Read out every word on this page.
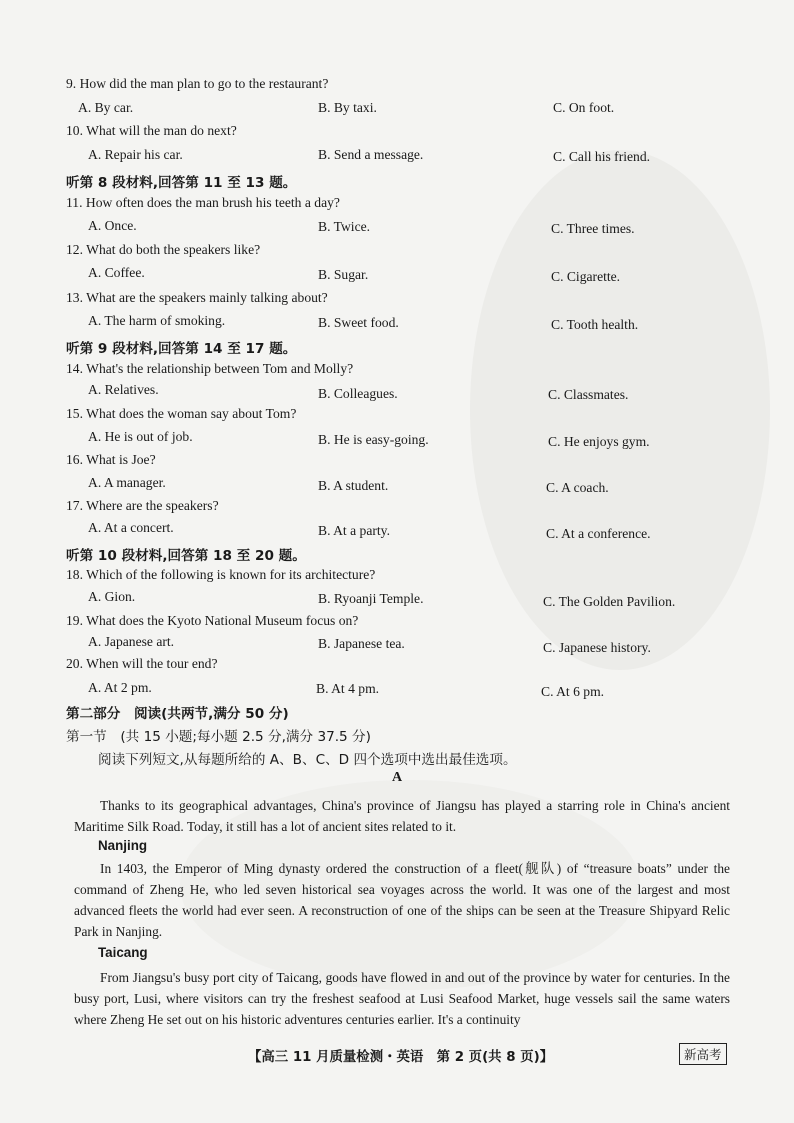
9. How did the man plan to go to the restaurant?
A. By car.	B. By taxi.	C. On foot.
10. What will the man do next?
A. Repair his car.	B. Send a message.	C. Call his friend.
听第 8 段材料,回答第 11 至 13 题。
11. How often does the man brush his teeth a day?
A. Once.	B. Twice.	C. Three times.
12. What do both the speakers like?
A. Coffee.	B. Sugar.	C. Cigarette.
13. What are the speakers mainly talking about?
A. The harm of smoking.	B. Sweet food.	C. Tooth health.
听第 9 段材料,回答第 14 至 17 题。
14. What's the relationship between Tom and Molly?
A. Relatives.	B. Colleagues.	C. Classmates.
15. What does the woman say about Tom?
A. He is out of job.	B. He is easy-going.	C. He enjoys gym.
16. What is Joe?
A. A manager.	B. A student.	C. A coach.
17. Where are the speakers?
A. At a concert.	B. At a party.	C. At a conference.
听第 10 段材料,回答第 18 至 20 题。
18. Which of the following is known for its architecture?
A. Gion.	B. Ryoanji Temple.	C. The Golden Pavilion.
19. What does the Kyoto National Museum focus on?
A. Japanese art.	B. Japanese tea.	C. Japanese history.
20. When will the tour end?
A. At 2 pm.	B. At 4 pm.	C. At 6 pm.
第二部分　阅读(共两节,满分 50 分)
第一节　(共 15 小题;每小题 2.5 分,满分 37.5 分)
阅读下列短文,从每题所给的 A、B、C、D 四个选项中选出最佳选项。
A
Thanks to its geographical advantages, China's province of Jiangsu has played a starring role in China's ancient Maritime Silk Road. Today, it still has a lot of ancient sites related to it.
Nanjing
In 1403, the Emperor of Ming dynasty ordered the construction of a fleet(舰队) of “treasure boats” under the command of Zheng He, who led seven historical sea voyages across the world. It was one of the largest and most advanced fleets the world had ever seen. A reconstruction of one of the ships can be seen at the Treasure Shipyard Relic Park in Nanjing.
Taicang
From Jiangsu's busy port city of Taicang, goods have flowed in and out of the province by water for centuries. In the busy port, Lusi, where visitors can try the freshest seafood at Lusi Seafood Market, huge vessels sail the same waters where Zheng He set out on his historic adventures centuries earlier. It's a continuity
【高三 11 月质量检测・英语　第 2 页(共 8 页)】	新高考
